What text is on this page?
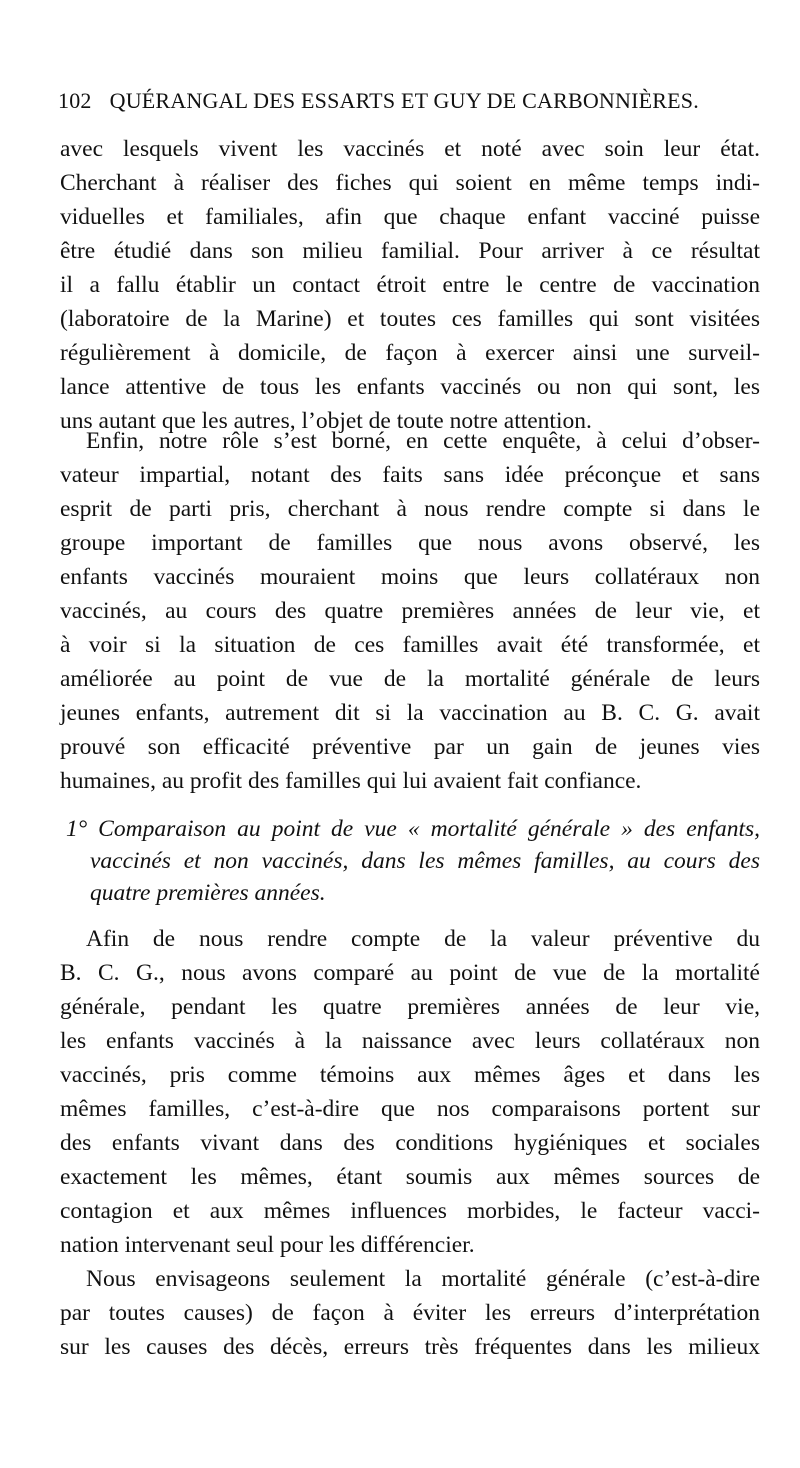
102 QUÉRANGAL DES ESSARTS ET GUY DE CARBONNIÈRES.
avec lesquels vivent les vaccinés et noté avec soin leur état.
Cherchant à réaliser des fiches qui soient en même temps indi-
viduelles et familiales, afin que chaque enfant vacciné puisse
être étudié dans son milieu familial. Pour arriver à ce résultat
il a fallu établir un contact étroit entre le centre de vaccination
(laboratoire de la Marine) et toutes ces familles qui sont visitées
régulièrement à domicile, de façon à exercer ainsi une surveil-
lance attentive de tous les enfants vaccinés ou non qui sont, les
uns autant que les autres, l’objet de toute notre attention.
Enfin, notre rôle s’est borné, en cette enquête, à celui d’obser-
vateur impartial, notant des faits sans idée préconçue et sans
esprit de parti pris, cherchant à nous rendre compte si dans le
groupe important de familles que nous avons observé, les
enfants vaccinés mouraient moins que leurs collatéraux non
vaccinés, au cours des quatre premières années de leur vie, et
à voir si la situation de ces familles avait été transformée, et
améliorée au point de vue de la mortalité générale de leurs
jeunes enfants, autrement dit si la vaccination au B. C. G. avait
prouvé son efficacité préventive par un gain de jeunes vies
humaines, au profit des familles qui lui avaient fait confiance.
1° Comparaison au point de vue « mortalité générale » des enfants,
vaccinés et non vaccinés, dans les mêmes familles, au cours des
quatre premières années.
Afin de nous rendre compte de la valeur préventive du
B. C. G., nous avons comparé au point de vue de la mortalité
générale, pendant les quatre premières années de leur vie,
les enfants vaccinés à la naissance avec leurs collatéraux non
vaccinés, pris comme témoins aux mêmes âges et dans les
mêmes familles, c’est-à-dire que nos comparaisons portent sur
des enfants vivant dans des conditions hygiéniques et sociales
exactement les mêmes, étant soumis aux mêmes sources de
contagion et aux mêmes influences morbides, le facteur vacci-
nation intervenant seul pour les différencier.
Nous envisageons seulement la mortalité générale (c’est-à-dire
par toutes causes) de façon à éviter les erreurs d’interprétation
sur les causes des décès, erreurs très fréquentes dans les milieux
